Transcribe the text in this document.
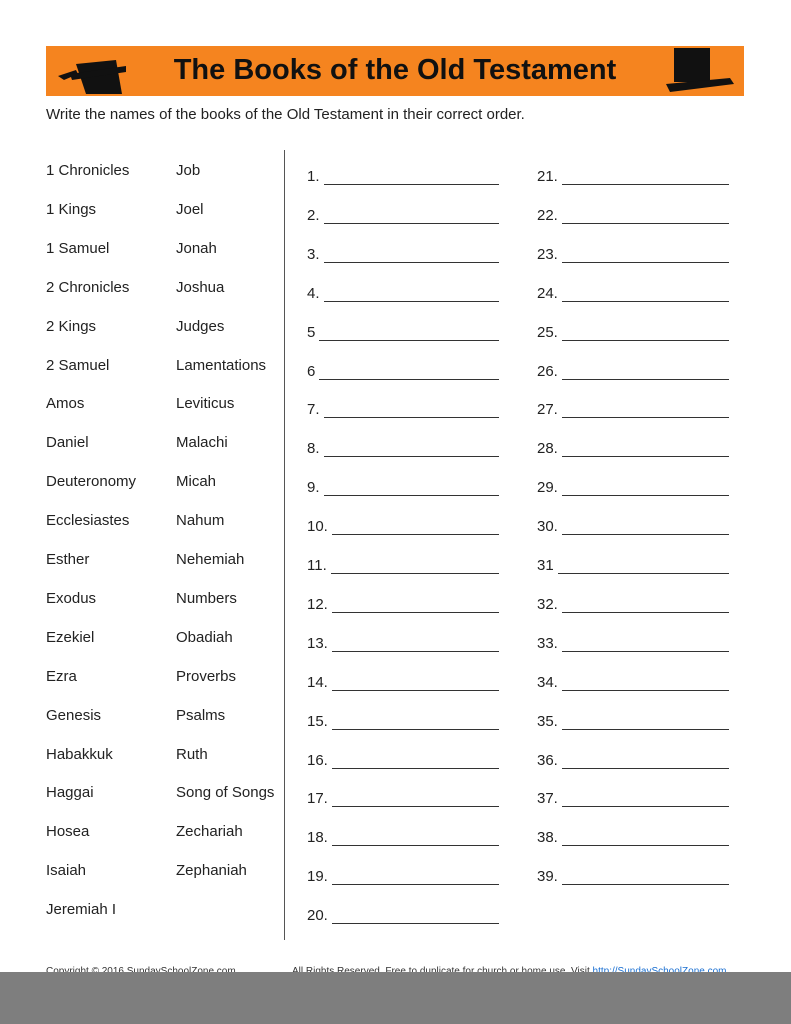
The Books of the Old Testament
Write the names of the books of the Old Testament in their correct order.
1 Chronicles
1 Kings
1 Samuel
2 Chronicles
2 Kings
2 Samuel
Amos
Daniel
Deuteronomy
Ecclesiastes
Esther
Exodus
Ezekiel
Ezra
Genesis
Habakkuk
Haggai
Hosea
Isaiah
Jeremiah I
Job
Joel
Jonah
Joshua
Judges
Lamentations
Leviticus
Malachi
Micah
Nahum
Nehemiah
Numbers
Obadiah
Proverbs
Psalms
Ruth
Song of Songs
Zechariah
Zephaniah
1.
2.
3.
4.
5
6
7.
8.
9.
10.
11.
12.
13.
14.
15.
16.
17.
18.
19.
20.
21.
22.
23.
24.
25.
26.
27.
28.
29.
30.
31
32.
33.
34.
35.
36.
37.
38.
39.
